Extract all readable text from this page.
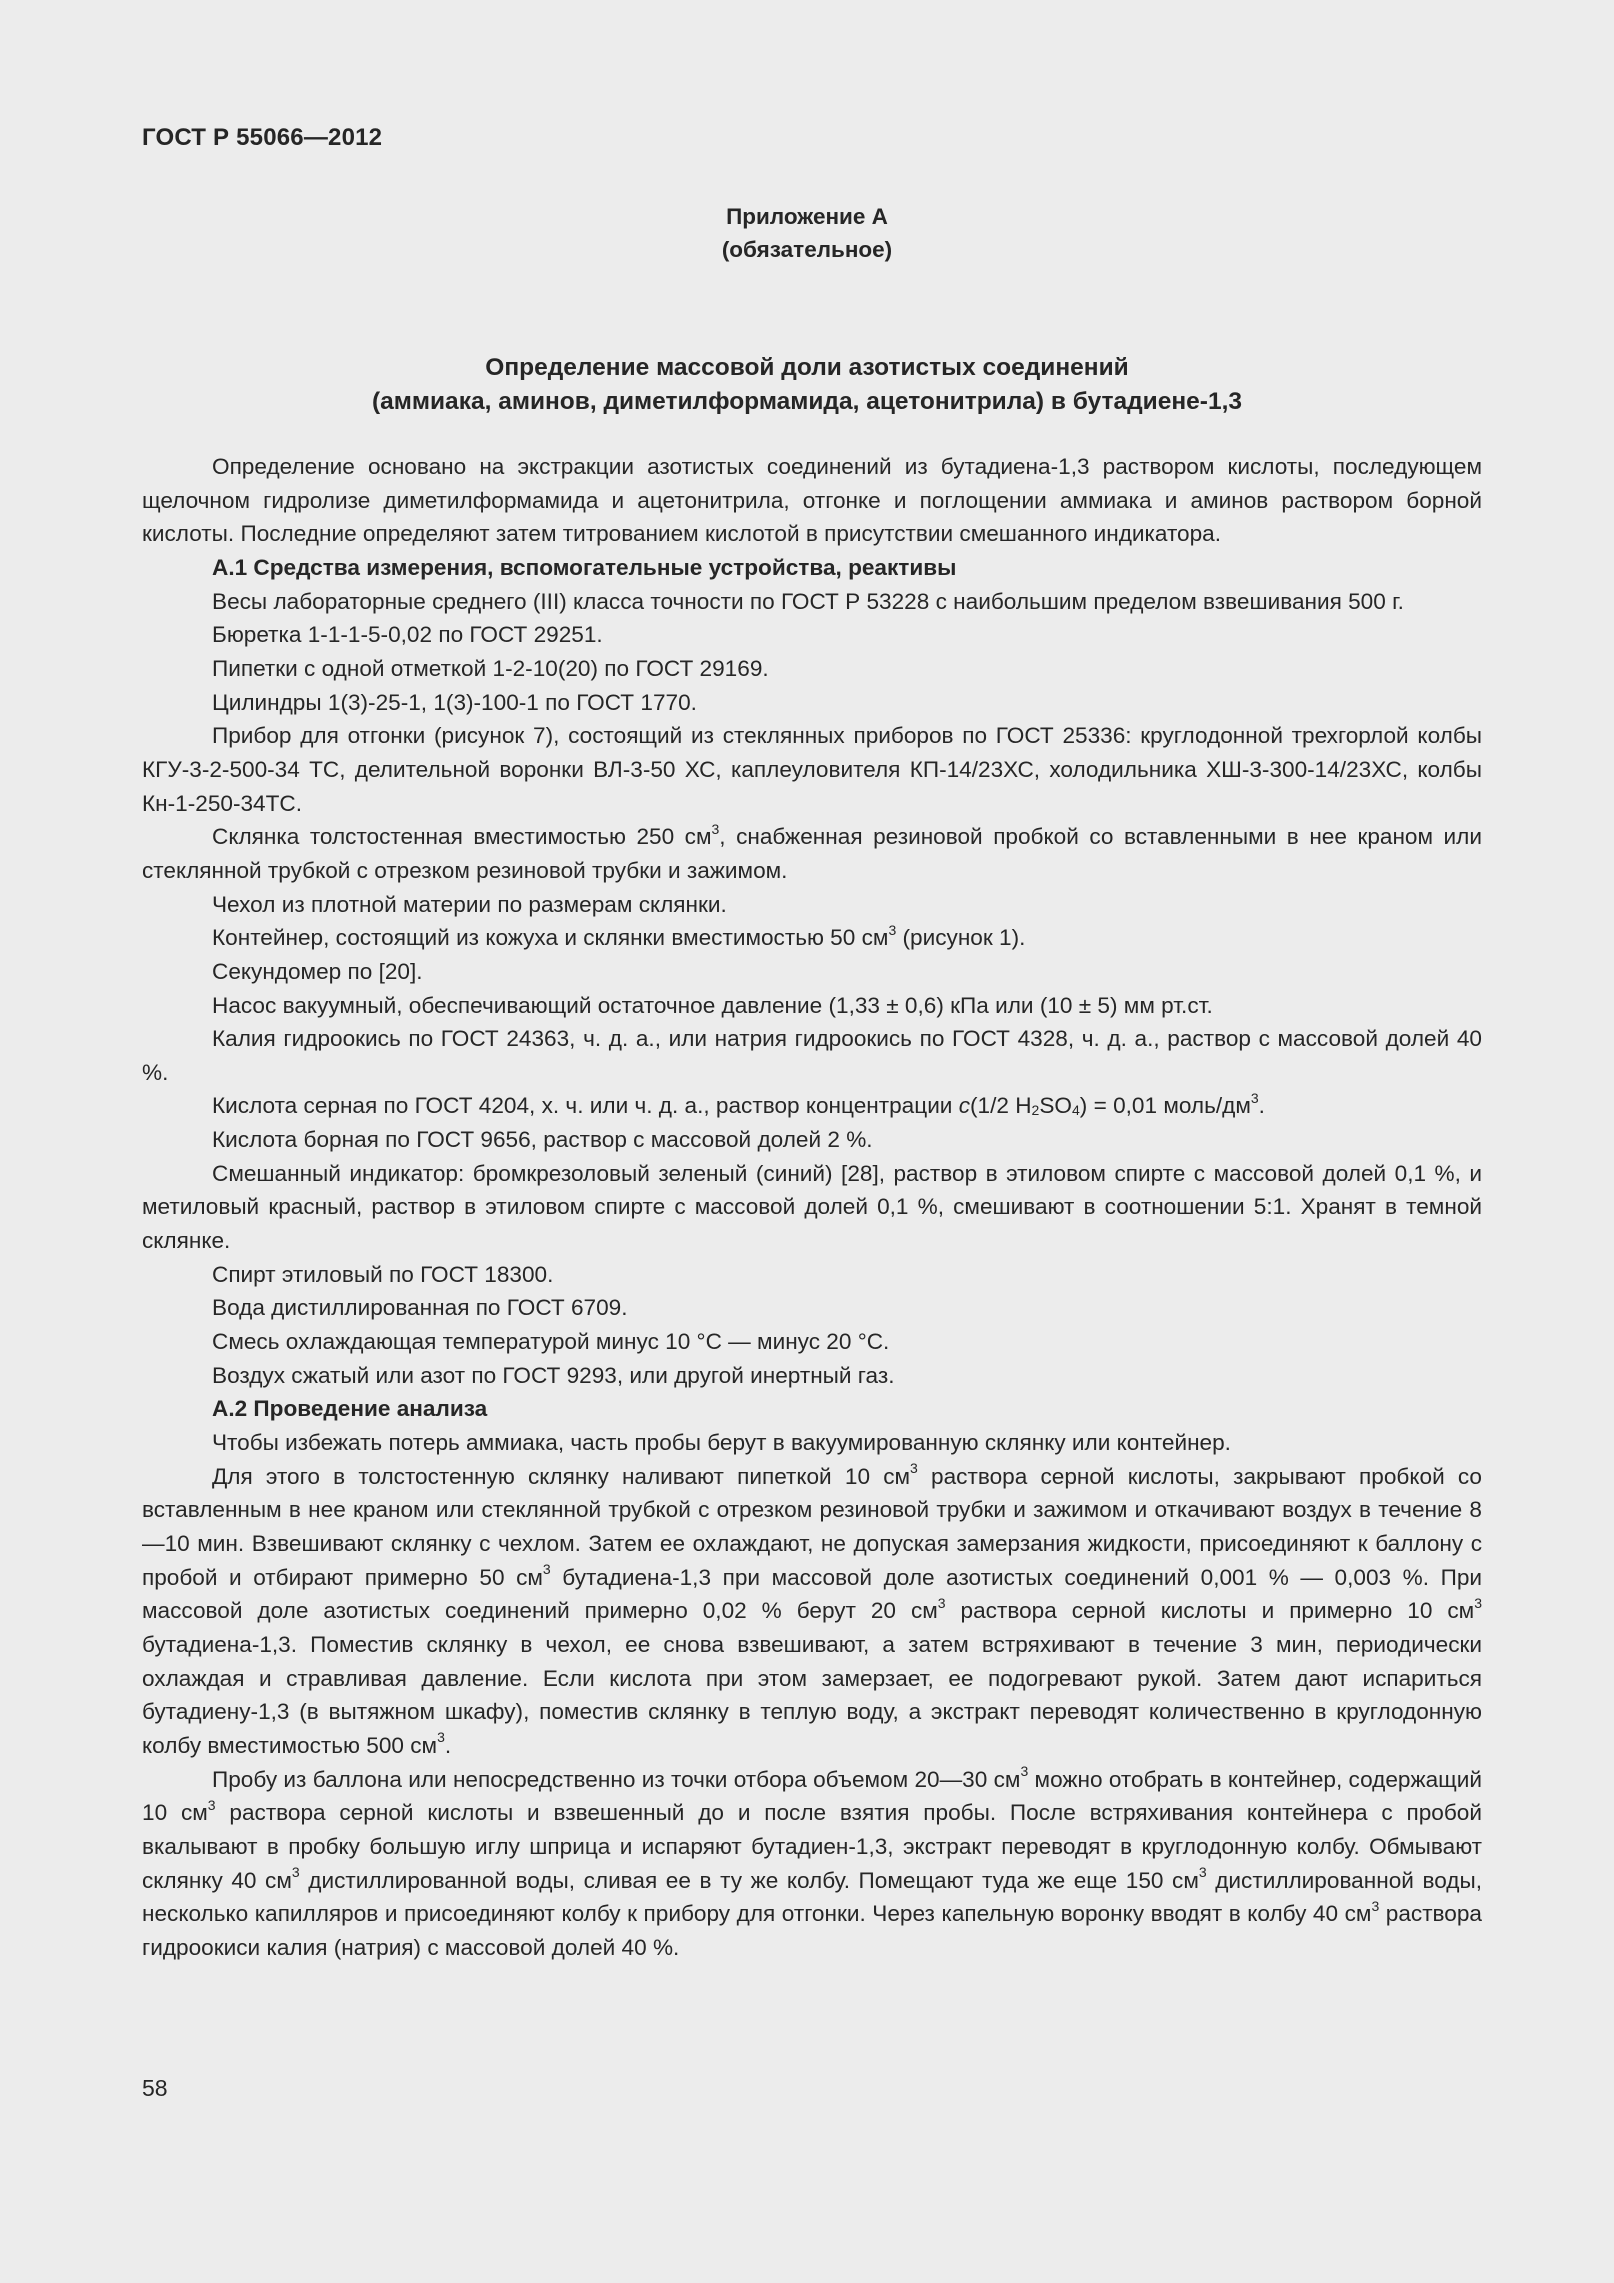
ГОСТ Р 55066—2012
Приложение А
(обязательное)
Определение массовой доли азотистых соединений
(аммиака, аминов, диметилформамида, ацетонитрила) в бутадиене-1,3

Определение основано на экстракции азотистых соединений из бутадиена-1,3 раствором кислоты, последующем щелочном гидролизе диметилформамида и ацетонитрила, отгонке и поглощении аммиака и аминов раствором борной кислоты. Последние определяют затем титрованием кислотой в присутствии смешанного индикатора.

А.1 Средства измерения, вспомогательные устройства, реактивы

Весы лабораторные среднего (III) класса точности по ГОСТ Р 53228 с наибольшим пределом взвешивания 500 г.

Бюретка 1-1-1-5-0,02 по ГОСТ 29251.

Пипетки с одной отметкой 1-2-10(20) по ГОСТ 29169.

Цилиндры 1(3)-25-1, 1(3)-100-1 по ГОСТ 1770.

Прибор для отгонки (рисунок 7), состоящий из стеклянных приборов по ГОСТ 25336: круглодонной трехгорлой колбы КГУ-3-2-500-34 ТС, делительной воронки ВЛ-3-50 ХС, каплеуловителя КП-14/23ХС, холодильника ХШ-3-300-14/23ХС, колбы Кн-1-250-34ТС.

Склянка толстостенная вместимостью 250 $см^3$, снабженная резиновой пробкой со вставленными в нее краном или стеклянной трубкой с отрезком резиновой трубки и зажимом.

Чехол из плотной материи по размерам склянки.

Контейнер, состоящий из кожуха и склянки вместимостью 50 $см^3$ (рисунок 1).

Секундомер по [20].

Насос вакуумный, обеспечивающий остаточное давление (1,33 ± 0,6) кПа или (10 ± 5) мм рт.ст.

Калия гидроокись по ГОСТ 24363, ч. д. а., или натрия гидроокись по ГОСТ 4328, ч. д. а., раствор с массовой долей 40 %.

Кислота серная по ГОСТ 4204, х. ч. или ч. д. а., раствор концентрации c(1/2 $H_2SO_4) = 0,01$ моль/$дм^3$.

Кислота борная по ГОСТ 9656, раствор с массовой долей 2 %.

Смешанный индикатор: бромкрезоловый зеленый (синий) [28], раствор в этиловом спирте с массовой долей 0,1 %, и метиловый красный, раствор в этиловом спирте с массовой долей 0,1 %, смешивают в соотношении 5:1. Хранят в темной склянке.

Спирт этиловый по ГОСТ 18300.

Вода дистиллированная по ГОСТ 6709.

Смесь охлаждающая температурой минус 10 °С — минус 20 °С.

Воздух сжатый или азот по ГОСТ 9293, или другой инертный газ.

А.2 Проведение анализа

Чтобы избежать потерь аммиака, часть пробы берут в вакуумированную склянку или контейнер.

Для этого в толстостенную склянку наливают пипеткой 10 $см^3$ раствора серной кислоты, закрывают пробкой со вставленным в нее краном или стеклянной трубкой с отрезком резиновой трубки и зажимом и откачивают воздух в течение 8—10 мин. Взвешивают склянку с чехлом. Затем ее охлаждают, не допуская замерзания жидкости, присоединяют к баллону с пробой и отбирают примерно 50 $см^3$ бутадиена-1,3 при массовой доле азотистых соединений 0,001 % — 0,003 %. При массовой доле азотистых соединений примерно 0,02 % берут 20 $см^3$ раствора серной кислоты и примерно 10 $см^3$ бутадиена-1,3. Поместив склянку в чехол, ее снова взвешивают, а затем встряхивают в течение 3 мин, периодически охлаждая и стравливая давление. Если кислота при этом замерзает, ее подогревают рукой. Затем дают испариться бутадиену-1,3 (в вытяжном шкафу), поместив склянку в теплую воду, а экстракт переводят количественно в круглодонную колбу вместимостью 500 $см^3$.

Пробу из баллона или непосредственно из точки отбора объемом 20—30 $см^3$ можно отобрать в контейнер, содержащий 10 $см^3$ раствора серной кислоты и взвешенный до и после взятия пробы. После встряхивания контейнера с пробой вкалывают в пробку большую иглу шприца и испаряют бутадиен-1,3, экстракт переводят в круглодонную колбу. Обмывают склянку 40 $см^3$ дистиллированной воды, сливая ее в ту же колбу. Помещают туда же еще 150 $см^3$ дистиллированной воды, несколько капилляров и присоединяют колбу к прибору для отгонки. Через капельную воронку вводят в колбу 40 $см^3$ раствора гидроокиси калия (натрия) с массовой долей 40 %.

58
